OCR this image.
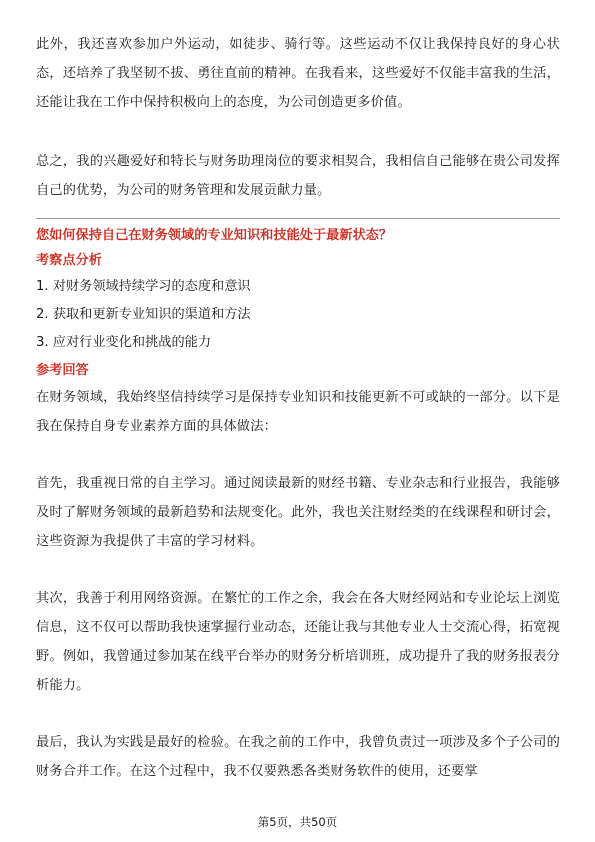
此外，我还喜欢参加户外运动，如徒步、骑行等。这些运动不仅让我保持良好的身心状态，还培养了我坚韧不拔、勇往直前的精神。在我看来，这些爱好不仅能丰富我的生活，还能让我在工作中保持积极向上的态度，为公司创造更多价值。

总之，我的兴趣爱好和特长与财务助理岗位的要求相契合，我相信自己能够在贵公司发挥自己的优势，为公司的财务管理和发展贡献力量。

您如何保持自己在财务领域的专业知识和技能处于最新状态？

考察点分析

1. 对财务领域持续学习的态度和意识

2. 获取和更新专业知识的渠道和方法

3. 应对行业变化和挑战的能力

参考回答

在财务领域，我始终坚信持续学习是保持专业知识和技能更新不可或缺的一部分。以下是我在保持自身专业素养方面的具体做法：

首先，我重视日常的自主学习。通过阅读最新的财经书籍、专业杂志和行业报告，我能够及时了解财务领域的最新趋势和法规变化。此外，我也关注财经类的在线课程和研讨会，这些资源为我提供了丰富的学习材料。

其次，我善于利用网络资源。在繁忙的工作之余，我会在各大财经网站和专业论坛上浏览信息，这不仅可以帮助我快速掌握行业动态，还能让我与其他专业人士交流心得，拓宽视野。例如，我曾通过参加某在线平台举办的财务分析培训班，成功提升了我的财务报表分析能力。

最后，我认为实践是最好的检验。在我之前的工作中，我曾负责过一项涉及多个子公司的财务合并工作。在这个过程中，我不仅要熟悉各类财务软件的使用，还要掌

第5页，共50页
